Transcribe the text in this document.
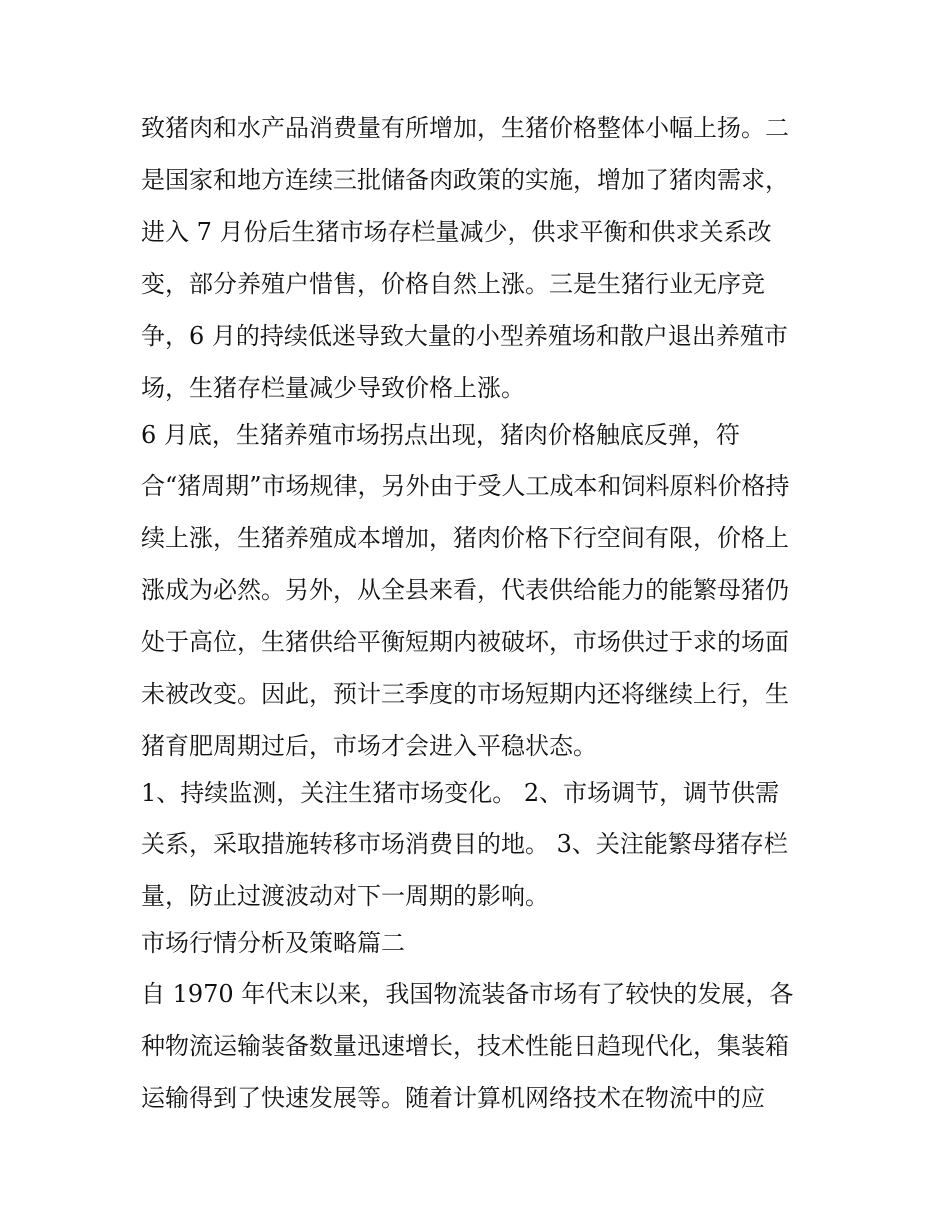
致猪肉和水产品消费量有所增加，生猪价格整体小幅上扬。二
是国家和地方连续三批储备肉政策的实施，增加了猪肉需求，
进入 7 月份后生猪市场存栏量减少，供求平衡和供求关系改
变，部分养殖户惜售，价格自然上涨。三是生猪行业无序竞
争，6 月的持续低迷导致大量的小型养殖场和散户退出养殖市
场，生猪存栏量减少导致价格上涨。
6 月底，生猪养殖市场拐点出现，猪肉价格触底反弹，符
合“猪周期”市场规律，另外由于受人工成本和饲料原料价格持
续上涨，生猪养殖成本增加，猪肉价格下行空间有限，价格上
涨成为必然。另外，从全县来看，代表供给能力的能繁母猪仍
处于高位，生猪供给平衡短期内被破坏，市场供过于求的场面
未被改变。因此，预计三季度的市场短期内还将继续上行，生
猪育肥周期过后，市场才会进入平稳状态。
1、持续监测，关注生猪市场变化。 2、市场调节，调节供需
关系，采取措施转移市场消费目的地。 3、关注能繁母猪存栏
量，防止过渡波动对下一周期的影响。
市场行情分析及策略篇二
自 1970 年代末以来，我国物流装备市场有了较快的发展，各
种物流运输装备数量迅速增长，技术性能日趋现代化，集装箱
运输得到了快速发展等。随着计算机网络技术在物流中的应
